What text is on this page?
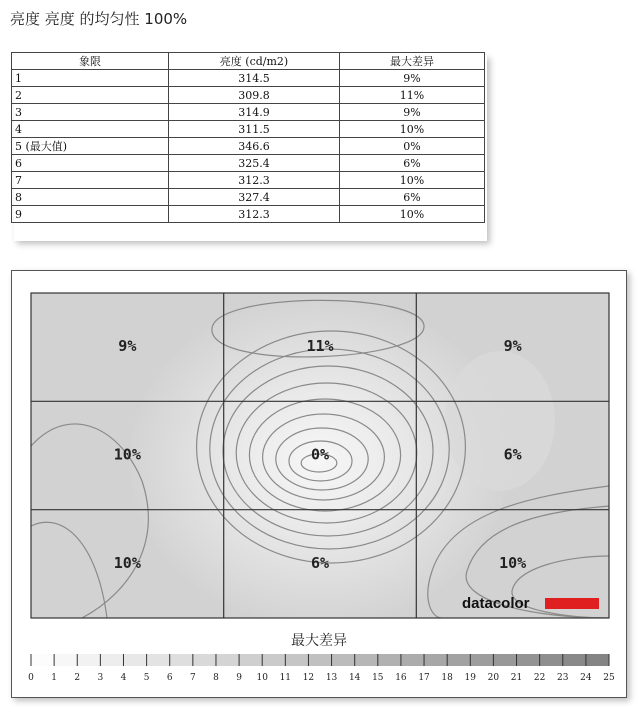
亮度 亮度 的均匀性 100%
象限	亮度 (cd/m2)	最大差异
1	314.5	9%
2	309.8	11%
3	314.9	9%
4	311.5	10%
5 (最大值)	346.6	0%
6	325.4	6%
7	312.3	10%
8	327.4	6%
9	312.3	10%
9%	11%	9%
10%	0%	6%
10%	6%	10%
datacolor
最大差异
0 1 2 3 4 5 6 7 8 9 10 11 12 13 14 15 16 17 18 19 20 21 22 23 24 25
